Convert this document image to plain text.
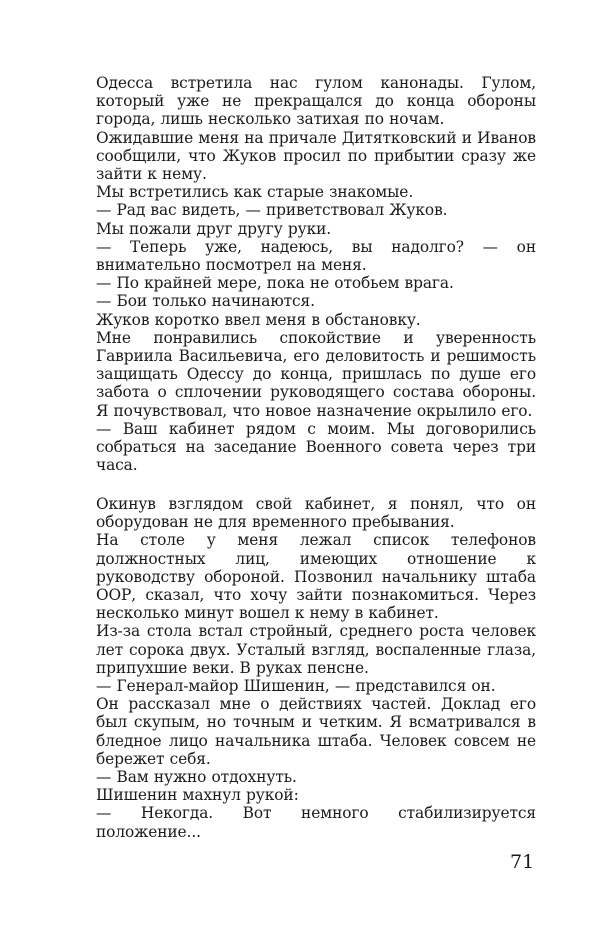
Одесса встретила нас гулом канонады. Гулом, который уже не прекращался до конца обороны города, лишь несколько затихая по ночам.

Ожидавшие меня на причале Дитятковский и Иванов сообщили, что Жуков просил по прибытии сразу же зайти к нему.

Мы встретились как старые знакомые.

— Рад вас видеть, — приветствовал Жуков.

Мы пожали друг другу руки.

— Теперь уже, надеюсь, вы надолго? — он внимательно посмотрел на меня.

— По крайней мере, пока не отобьем врага.

— Бои только начинаются.

Жуков коротко ввел меня в обстановку.

Мне понравились спокойствие и уверенность Гавриила Васильевича, его деловитость и решимость защищать Одессу до конца, пришлась по душе его забота о сплочении руководящего состава обороны. Я почувствовал, что новое назначение окрылило его.

— Ваш кабинет рядом с моим. Мы договорились собраться на заседание Военного совета через три часа.

Окинув взглядом свой кабинет, я понял, что он оборудован не для временного пребывания.

На столе у меня лежал список телефонов должностных лиц, имеющих отношение к руководству обороной. Позвонил начальнику штаба ООР, сказал, что хочу зайти познакомиться. Через несколько минут вошел к нему в кабинет.

Из-за стола встал стройный, среднего роста человек лет сорока двух. Усталый взгляд, воспаленные глаза, припухшие веки. В руках пенсне.

— Генерал-майор Шишенин, — представился он.

Он рассказал мне о действиях частей. Доклад его был скупым, но точным и четким. Я всматривался в бледное лицо начальника штаба. Человек совсем не бережет себя.

— Вам нужно отдохнуть.

Шишенин махнул рукой:

— Некогда. Вот немного стабилизируется положение...

71
